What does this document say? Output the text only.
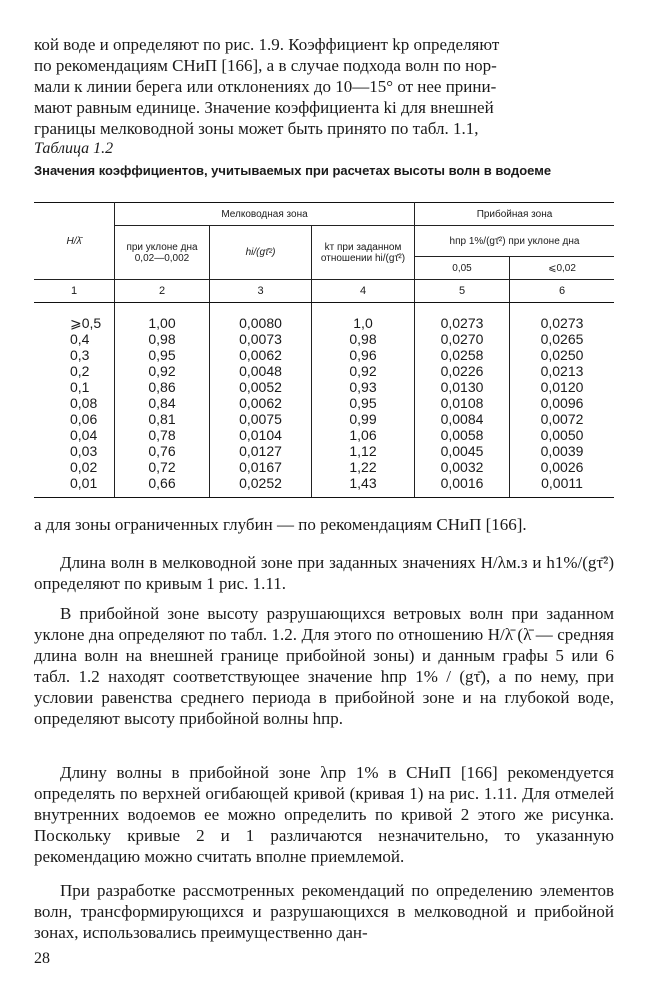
кой воде и определяют по рис. 1.9. Коэффициент kр определяют
по рекомендациям СНиП [166], а в случае подхода волн по нор-
мали к линии берега или отклонениях до 10—15° от нее прини-
мают равным единице. Значение коэффициента ki для внешней
границы мелководной зоны может быть принято по табл. 1.1,

Таблица 1.2
Значения коэффициентов, учитываемых при расчетах высоты волн в водоеме
H/λ̄	Мелководная зона			Прибойная зона	
	при уклоне дна 0,02—0,002	hi/(gτ̄²)	kт при заданном отношении hi/(gτ̄²)	hпр 1%/(gτ̄²) при уклоне дна	
				0,05	⩽0,02
1	2	3	4	5	6
⩾0,5	1,00	0,0080	1,0	0,0273	0,0273
0,4	0,98	0,0073	0,98	0,0270	0,0265
0,3	0,95	0,0062	0,96	0,0258	0,0250
0,2	0,92	0,0048	0,92	0,0226	0,0213
0,1	0,86	0,0052	0,93	0,0130	0,0120
0,08	0,84	0,0062	0,95	0,0108	0,0096
0,06	0,81	0,0075	0,99	0,0084	0,0072
0,04	0,78	0,0104	1,06	0,0058	0,0050
0,03	0,76	0,0127	1,12	0,0045	0,0039
0,02	0,72	0,0167	1,22	0,0032	0,0026
0,01	0,66	0,0252	1,43	0,0016	0,0011

а для зоны ограниченных глубин — по рекомендациям СНиП [166].

Длина волн в мелководной зоне при заданных значениях H/λм.з и h1%/(gτ̄²) определяют по кривым 1 рис. 1.11.

В прибойной зоне высоту разрушающихся ветровых волн при заданном уклоне дна определяют по табл. 1.2. Для этого по отношению H/λ̄ (λ̄ — средняя длина волн на внешней границе прибойной зоны) и данным графы 5 или 6 табл. 1.2 находят соответствующее значение hпр 1% / (gτ̄), а по нему, при условии равенства среднего периода в прибойной зоне и на глубокой воде, определяют высоту прибойной волны hпр.

Длину волны в прибойной зоне λпр 1% в СНиП [166] рекомендуется определять по верхней огибающей кривой (кривая 1) на рис. 1.11. Для отмелей внутренних водоемов ее можно определить по кривой 2 этого же рисунка. Поскольку кривые 2 и 1 различаются незначительно, то указанную рекомендацию можно считать вполне приемлемой.

При разработке рассмотренных рекомендаций по определению элементов волн, трансформирующихся и разрушающихся в мелководной и прибойной зонах, использовались преимущественно дан-

28
